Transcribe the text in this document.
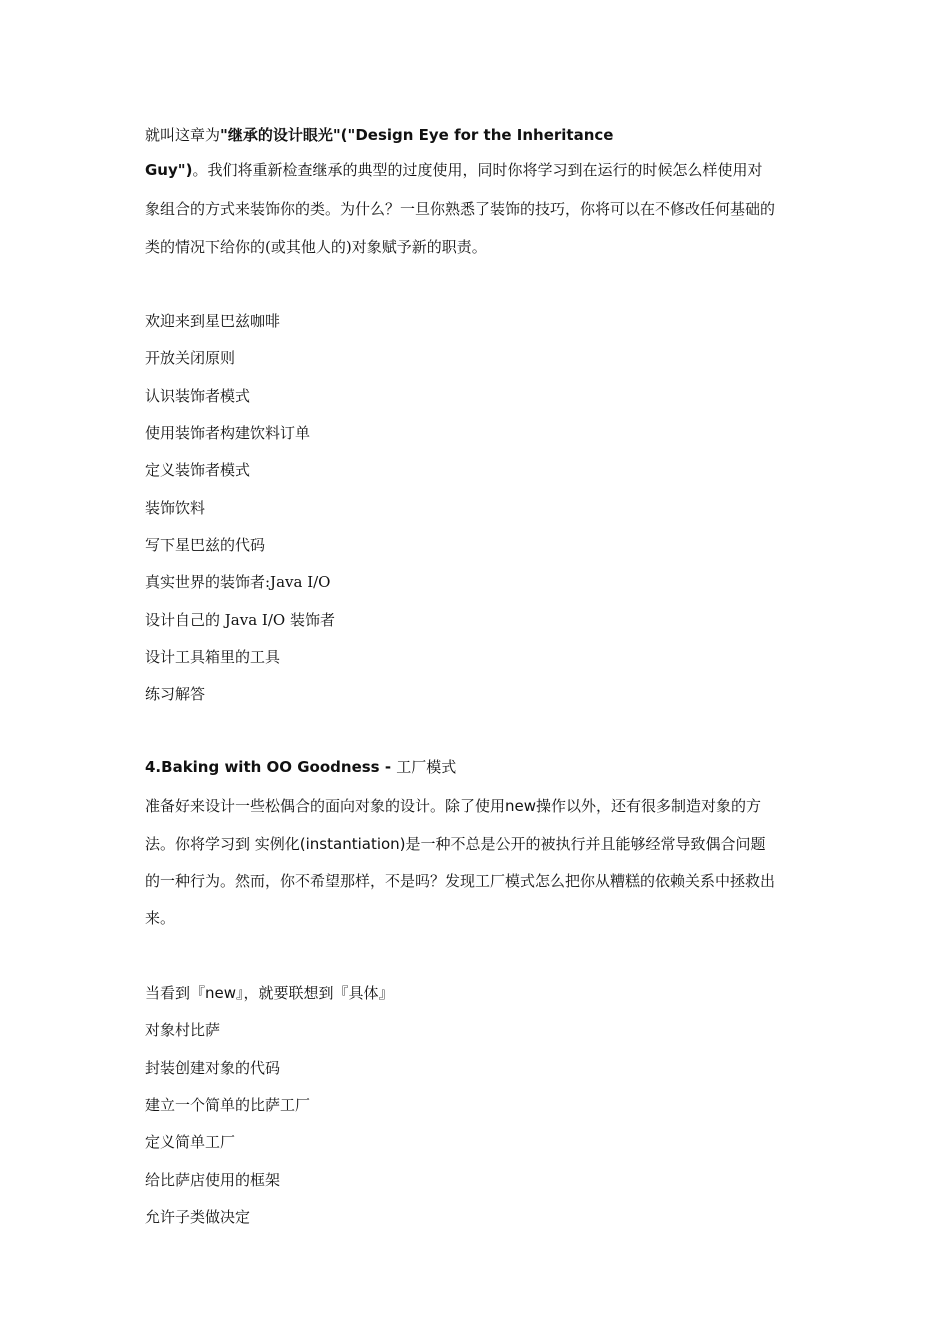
就叫这章为"继承的设计眼光"("Design Eye for the Inheritance
Guy")。我们将重新检查继承的典型的过度使用，同时你将学习到在运行的时候怎么样使用对
象组合的方式来装饰你的类。为什么？一旦你熟悉了装饰的技巧，你将可以在不修改任何基础的
类的情况下给你的(或其他人的)对象赋予新的职责。
欢迎来到星巴兹咖啡
开放关闭原则
认识装饰者模式
使用装饰者构建饮料订单
定义装饰者模式
装饰饮料
写下星巴兹的代码
真实世界的装饰者:Java I/O
设计自己的 Java I/O 装饰者
设计工具箱里的工具
练习解答
4.Baking with OO Goodness - 工厂模式
准备好来设计一些松偶合的面向对象的设计。除了使用new操作以外，还有很多制造对象的方
法。你将学习到 实例化(instantiation)是一种不总是公开的被执行并且能够经常导致偶合问题
的一种行为。然而，你不希望那样，不是吗？发现工厂模式怎么把你从糟糕的依赖关系中拯救出
来。
当看到『new』，就要联想到『具体』
对象村比萨
封装创建对象的代码
建立一个简单的比萨工厂
定义简单工厂
给比萨店使用的框架
允许子类做决定
